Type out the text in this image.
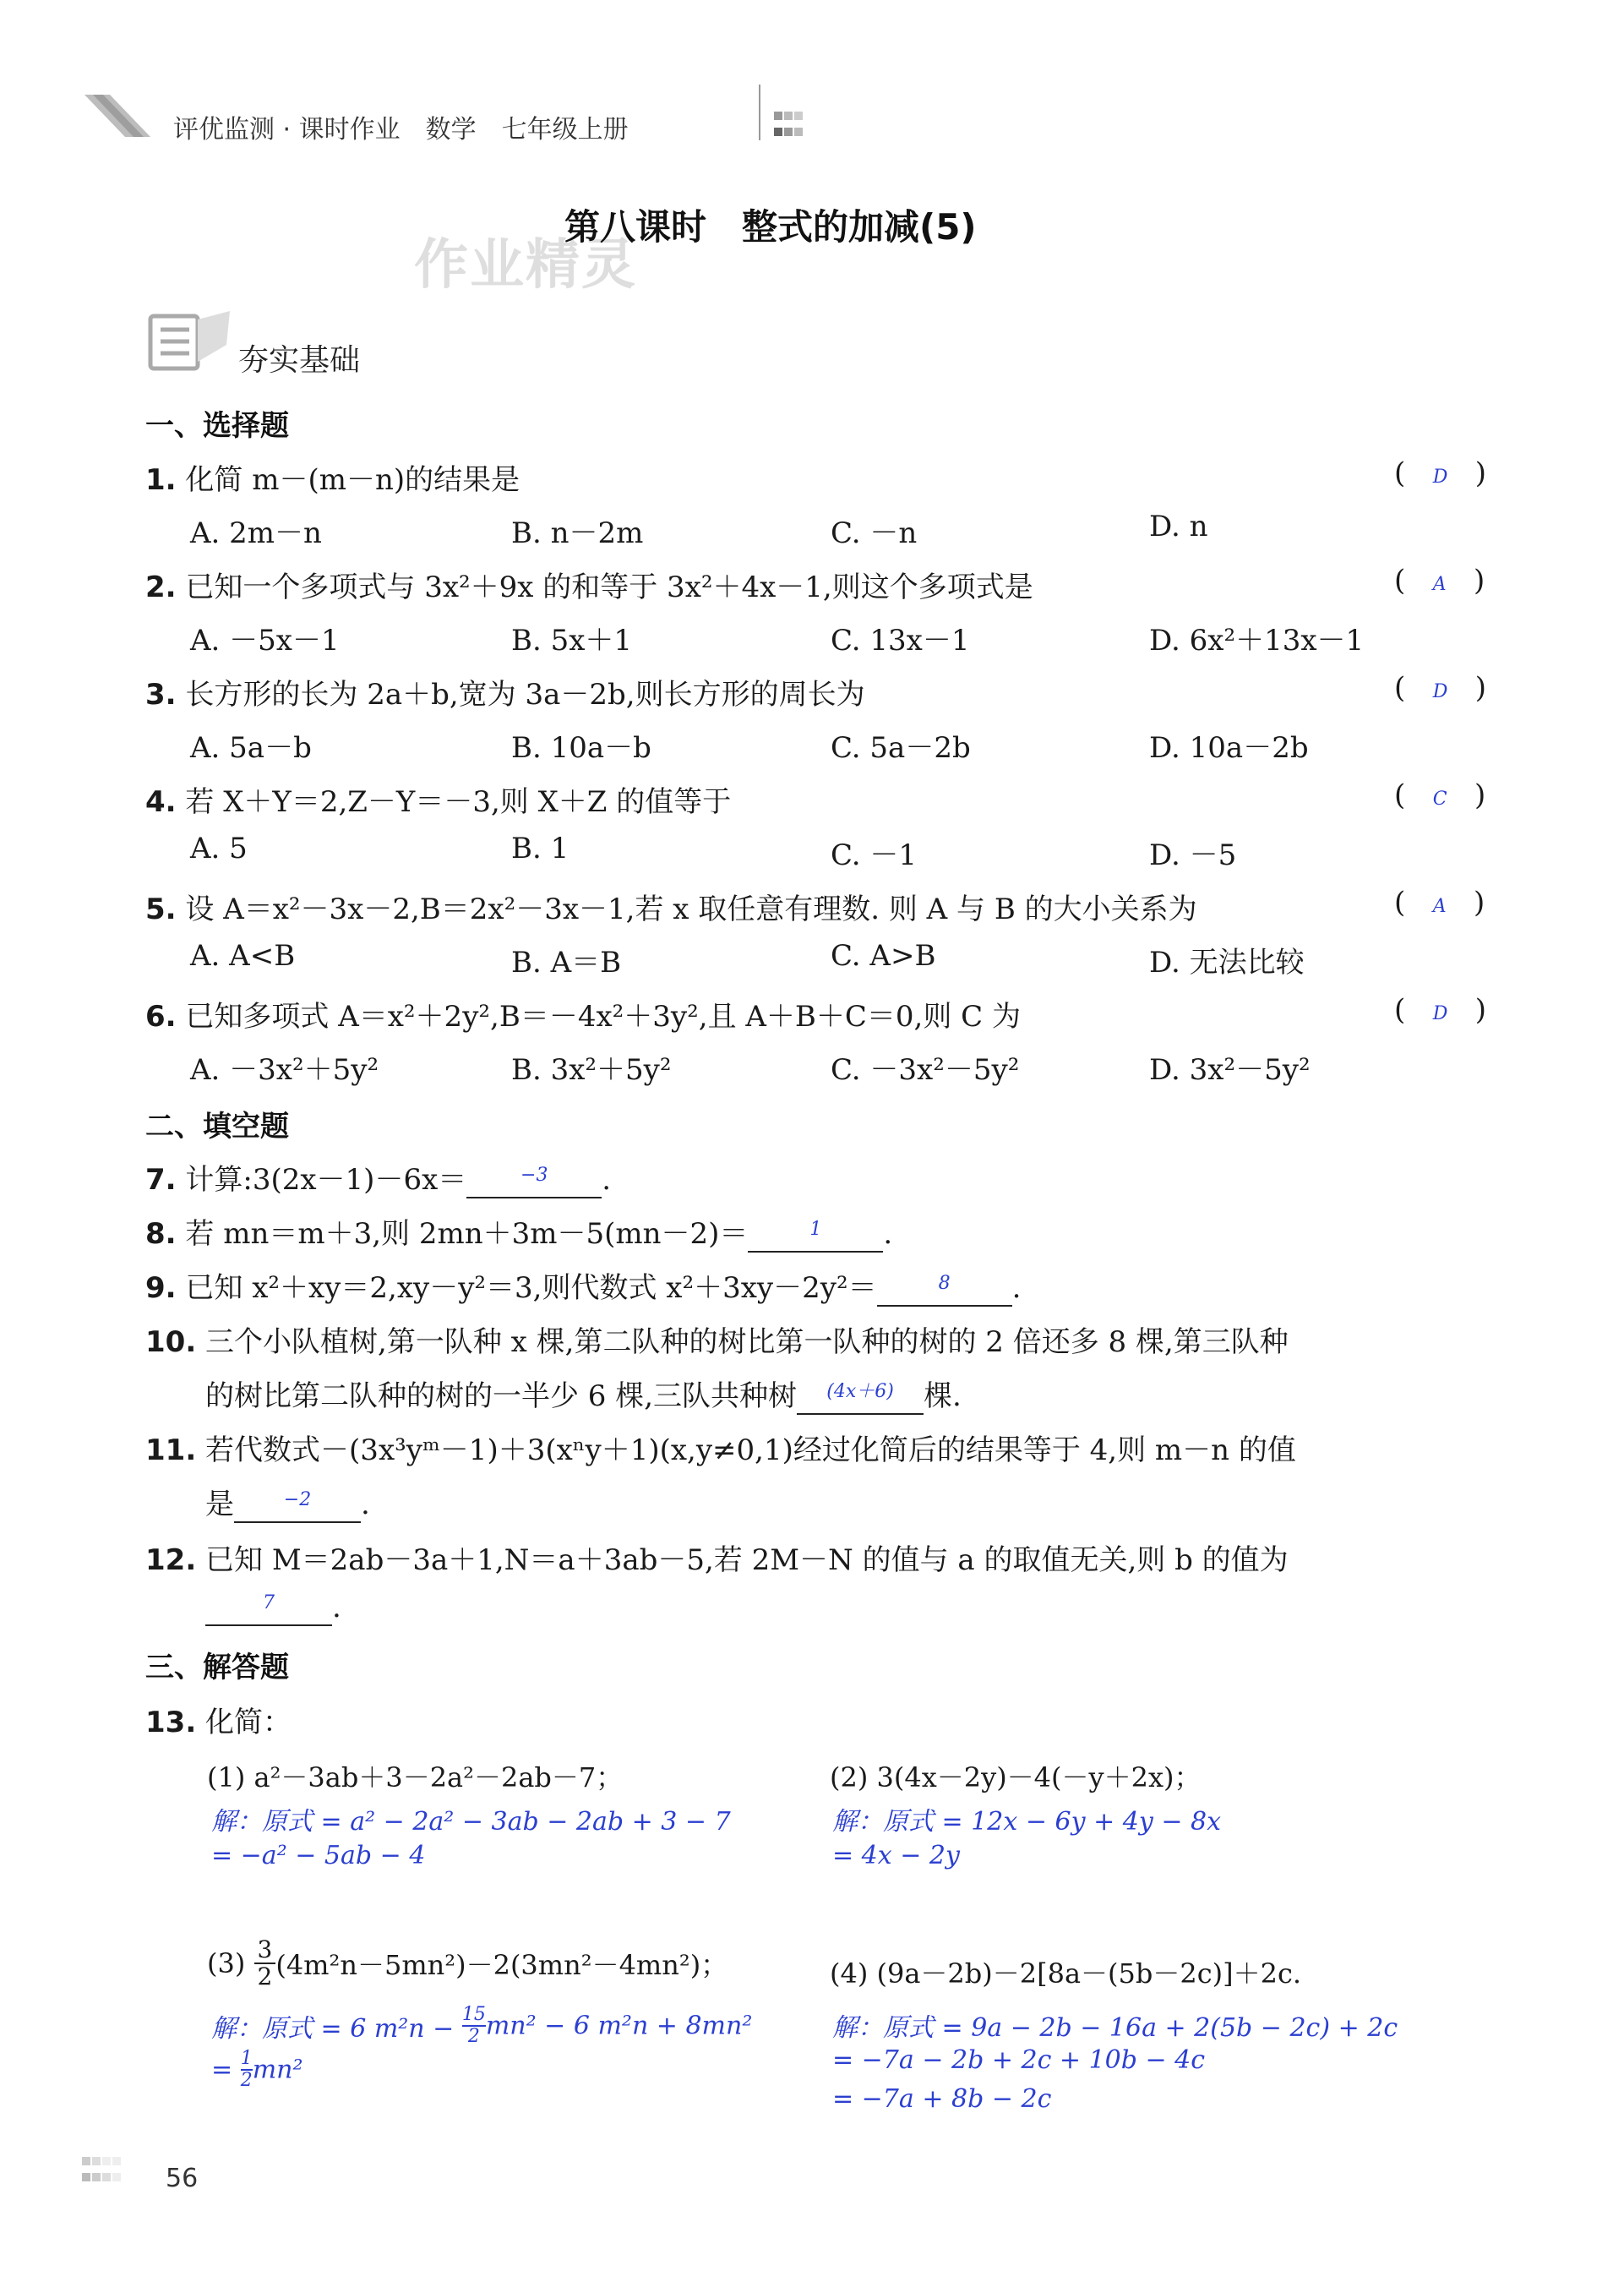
评优监测 · 课时作业　数学　七年级上册

作业精灵
第八课时　整式的加减(5)
夯实基础
一、选择题
1. 化简 m－(m－n)的结果是	(   D   )
A. 2m－n	B. n－2m	C. －n	D. n
2. 已知一个多项式与 3x²＋9x 的和等于 3x²＋4x－1,则这个多项式是	(   A   )
A. －5x－1	B. 5x＋1	C. 13x－1	D. 6x²＋13x－1
3. 长方形的长为 2a＋b,宽为 3a－2b,则长方形的周长为	(   D   )
A. 5a－b	B. 10a－b	C. 5a－2b	D. 10a－2b
4. 若 X＋Y＝2,Z－Y＝－3,则 X＋Z 的值等于	(   C   )
A. 5	B. 1	C. －1	D. －5
5. 设 A＝x²－3x－2,B＝2x²－3x－1,若 x 取任意有理数. 则 A 与 B 的大小关系为	(   A   )
A. A<B	B. A＝B	C. A>B	D. 无法比较
6. 已知多项式 A＝x²＋2y²,B＝－4x²＋3y²,且 A＋B＋C＝0,则 C 为	(   D   )
A. －3x²＋5y²	B. 3x²＋5y²	C. －3x²－5y²	D. 3x²－5y²
二、填空题
7. 计算:3(2x－1)－6x＝	$^{-3}$ .
8. 若 mn＝m＋3,则 2mn＋3m－5(mn－2)＝	$^1$ .
9. 已知 x²＋xy＝2,xy－y²＝3,则代数式 x²＋3xy－2y²＝	$^8$ .
10. 三个小队植树,第一队种 x 棵,第二队种的树比第一队种的树的 2 倍还多 8 棵,第三队种
的树比第二队种的树的一半少 6 棵,三队共种树 $^{(4x+6)}$ 棵.
11. 若代数式－(3x³yᵐ－1)＋3(xⁿy＋1)(x,y≠0,1)经过化简后的结果等于 4,则 m－n 的值
是	$^{-2}$ .
12. 已知 M＝2ab－3a＋1,N＝a＋3ab－5,若 2M－N 的值与 a 的取值无关,则 b 的值为
$^7$ .
三、解答题
13. 化简：
(1) a²－3ab＋3－2a²－2ab－7；
解：原式 = a² − 2a² − 3ab − 2ab + 3 − 7
= −a² − 5ab − 4
(2) 3(4x－2y)－4(－y＋2x)；
解：原式 = 12x − 6y + 4y − 8x
= 4x − 2y
$(3) \frac{3}{2} (4m^2n-5mn^2)-2(3mn^2-4mn^2)$；
解：原式 = 6 $m^2n - \frac{15}{2} mn^2 - 6$ m²n + 8mn²
= $\frac{1}{2} mn^2$
(4) (9a－2b)－2[8a－(5b－2c)]＋2c.
解：原式 = 9a − 2b − 16a + 2(5b − 2c) + 2c
= −7a − 2b + 2c + 10b − 4c
= −7a + 8b − 2c

56
